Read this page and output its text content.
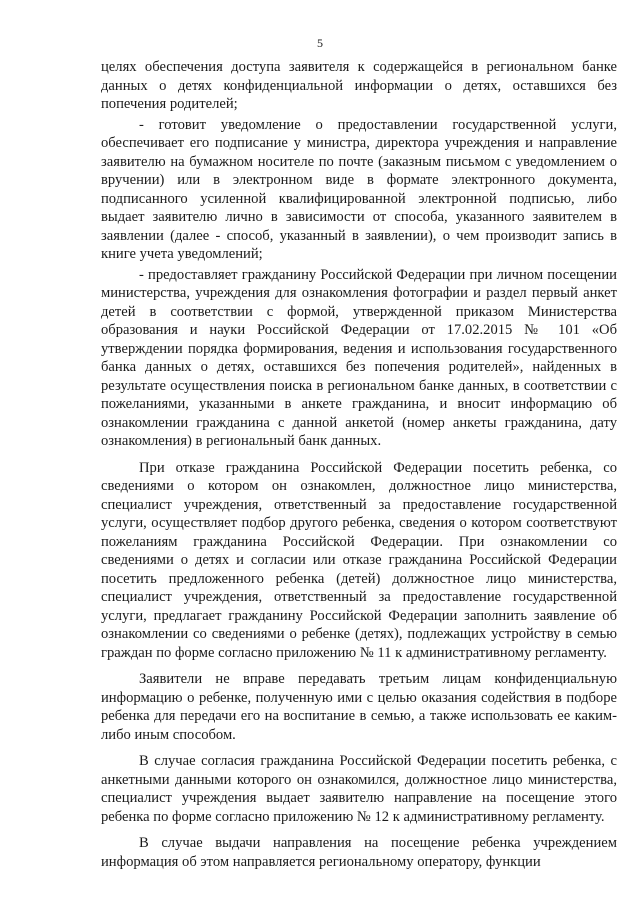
5

целях обеспечения доступа заявителя к содержащейся в региональном банке данных о детях конфиденциальной информации о детях, оставшихся без попечения родителей;

- готовит уведомление о предоставлении государственной услуги, обеспечивает его подписание у министра, директора учреждения и направление заявителю на бумажном носителе по почте (заказным письмом с уведомлением о вручении) или в электронном виде в формате электронного документа, подписанного усиленной квалифицированной электронной подписью, либо выдает заявителю лично в зависимости от способа, указанного заявителем в заявлении (далее - способ, указанный в заявлении), о чем производит запись в книге учета уведомлений;

- предоставляет гражданину Российской Федерации при личном посещении министерства, учреждения для ознакомления фотографии и раздел первый анкет детей в соответствии с формой, утвержденной приказом Министерства образования и науки Российской Федерации от 17.02.2015 № 101 «Об утверждении порядка формирования, ведения и использования государственного банка данных о детях, оставшихся без попечения родителей», найденных в результате осуществления поиска в региональном банке данных, в соответствии с пожеланиями, указанными в анкете гражданина, и вносит информацию об ознакомлении гражданина с данной анкетой (номер анкеты гражданина, дату ознакомления) в региональный банк данных.

При отказе гражданина Российской Федерации посетить ребенка, со сведениями о котором он ознакомлен, должностное лицо министерства, специалист учреждения, ответственный за предоставление государственной услуги, осуществляет подбор другого ребенка, сведения о котором соответствуют пожеланиям гражданина Российской Федерации. При ознакомлении со сведениями о детях и согласии или отказе гражданина Российской Федерации посетить предложенного ребенка (детей) должностное лицо министерства, специалист учреждения, ответственный за предоставление государственной услуги, предлагает гражданину Российской Федерации заполнить заявление об ознакомлении со сведениями о ребенке (детях), подлежащих устройству в семью граждан по форме согласно приложению № 11 к административному регламенту.

Заявители не вправе передавать третьим лицам конфиденциальную информацию о ребенке, полученную ими с целью оказания содействия в подборе ребенка для передачи его на воспитание в семью, а также использовать ее каким-либо иным способом.

В случае согласия гражданина Российской Федерации посетить ребенка, с анкетными данными которого он ознакомился, должностное лицо министерства, специалист учреждения выдает заявителю направление на посещение этого ребенка по форме согласно приложению № 12 к административному регламенту.

В случае выдачи направления на посещение ребенка учреждением информация об этом направляется региональному оператору, функции
